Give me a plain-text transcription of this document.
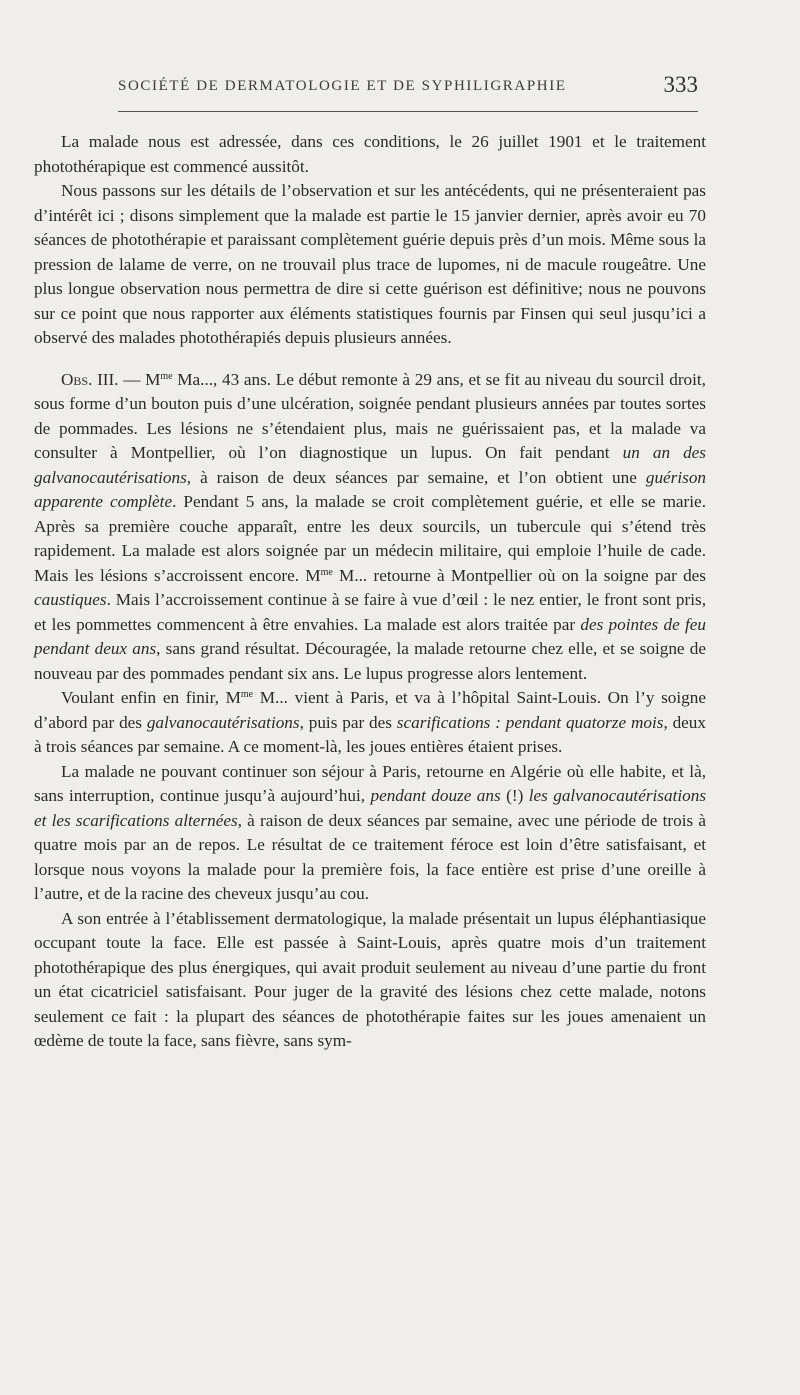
SOCIÉTÉ DE DERMATOLOGIE ET DE SYPHILIGRAPHIE	333

La malade nous est adressée, dans ces conditions, le 26 juillet 1901 et le traitement photothérapique est commencé aussitôt.

Nous passons sur les détails de l’observation et sur les antécédents, qui ne présenteraient pas d’intérêt ici ; disons simplement que la malade est partie le 15 janvier dernier, après avoir eu 70 séances de photothérapie et paraissant complètement guérie depuis près d’un mois. Même sous la pression de lalame de verre, on ne trouvail plus trace de lupomes, ni de macule rougeâtre. Une plus longue observation nous permettra de dire si cette guérison est définitive; nous ne pouvons sur ce point que nous rapporter aux éléments statistiques fournis par Finsen qui seul jusqu’ici a observé des malades photothérapiés depuis plusieurs années.

Obs. III. — $M^{me}$ Ma..., 43 ans. Le début remonte à 29 ans, et se fit au niveau du sourcil droit, sous forme d’un bouton puis d’une ulcération, soignée pendant plusieurs années par toutes sortes de pommades. Les lésions ne s’étendaient plus, mais ne guérissaient pas, et la malade va consulter à Montpellier, où l’on diagnostique un lupus. On fait pendant un an des galvanocautérisations, à raison de deux séances par semaine, et l’on obtient une guérison apparente complète. Pendant 5 ans, la malade se croit complètement guérie, et elle se marie. Après sa première couche apparaît, entre les deux sourcils, un tubercule qui s’étend très rapidement. La malade est alors soignée par un médecin militaire, qui emploie l’huile de cade. Mais les lésions s’accroissent encore. $M^{me}$ M... retourne à Montpellier où on la soigne par des caustiques. Mais l’accroissement continue à se faire à vue d’œil : le nez entier, le front sont pris, et les pommettes commencent à être envahies. La malade est alors traitée par des pointes de feu pendant deux ans, sans grand résultat. Découragée, la malade retourne chez elle, et se soigne de nouveau par des pommades pendant six ans. Le lupus progresse alors lentement.

Voulant enfin en finir, $M^{me}$ M... vient à Paris, et va à l’hôpital Saint-Louis. On l’y soigne d’abord par des galvanocautérisations, puis par des scarifications : pendant quatorze mois, deux à trois séances par semaine. A ce moment-là, les joues entières étaient prises.

La malade ne pouvant continuer son séjour à Paris, retourne en Algérie où elle habite, et là, sans interruption, continue jusqu’à aujourd’hui, pendant douze ans (!) les galvanocautérisations et les scarifications alternées, à raison de deux séances par semaine, avec une période de trois à quatre mois par an de repos. Le résultat de ce traitement féroce est loin d’être satisfaisant, et lorsque nous voyons la malade pour la première fois, la face entière est prise d’une oreille à l’autre, et de la racine des cheveux jusqu’au cou.

A son entrée à l’établissement dermatologique, la malade présentait un lupus éléphantiasique occupant toute la face. Elle est passée à Saint-Louis, après quatre mois d’un traitement photothérapique des plus énergiques, qui avait produit seulement au niveau d’une partie du front un état cicatriciel satisfaisant. Pour juger de la gravité des lésions chez cette malade, notons seulement ce fait : la plupart des séances de photothérapie faites sur les joues amenaient un œdème de toute la face, sans fièvre, sans sym-
